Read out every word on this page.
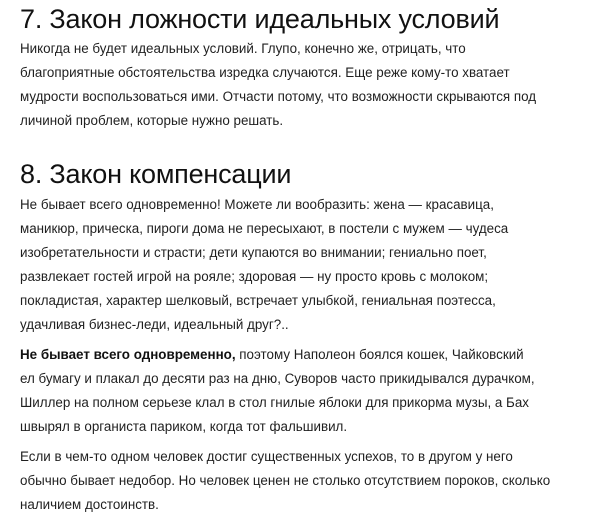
7. Закон ложности идеальных условий

Никогда не будет идеальных условий. Глупо, конечно же, отрицать, что
благоприятные обстоятельства изредка случаются. Еще реже кому-то хватает
мудрости воспользоваться ими. Отчасти потому, что возможности скрываются под
личиной проблем, которые нужно решать.

8. Закон компенсации

Не бывает всего одновременно! Можете ли вообразить: жена — красавица,
маникюр, прическа, пироги дома не пересыхают, в постели с мужем — чудеса
изобретательности и страсти; дети купаются во внимании; гениально поет,
развлекает гостей игрой на рояле; здоровая — ну просто кровь с молоком;
покладистая, характер шелковый, встречает улыбкой, гениальная поэтесса,
удачливая бизнес-леди, идеальный друг?..

Не бывает всего одновременно, поэтому Наполеон боялся кошек, Чайковский
ел бумагу и плакал до десяти раз на дню, Суворов часто прикидывался дурачком,
Шиллер на полном серьезе клал в стол гнилые яблоки для прикорма музы, а Бах
швырял в органиста париком, когда тот фальшивил.

Если в чем-то одном человек достиг существенных успехов, то в другом у него
обычно бывает недобор. Но человек ценен не столько отсутствием пороков, сколько
наличием достоинств.
